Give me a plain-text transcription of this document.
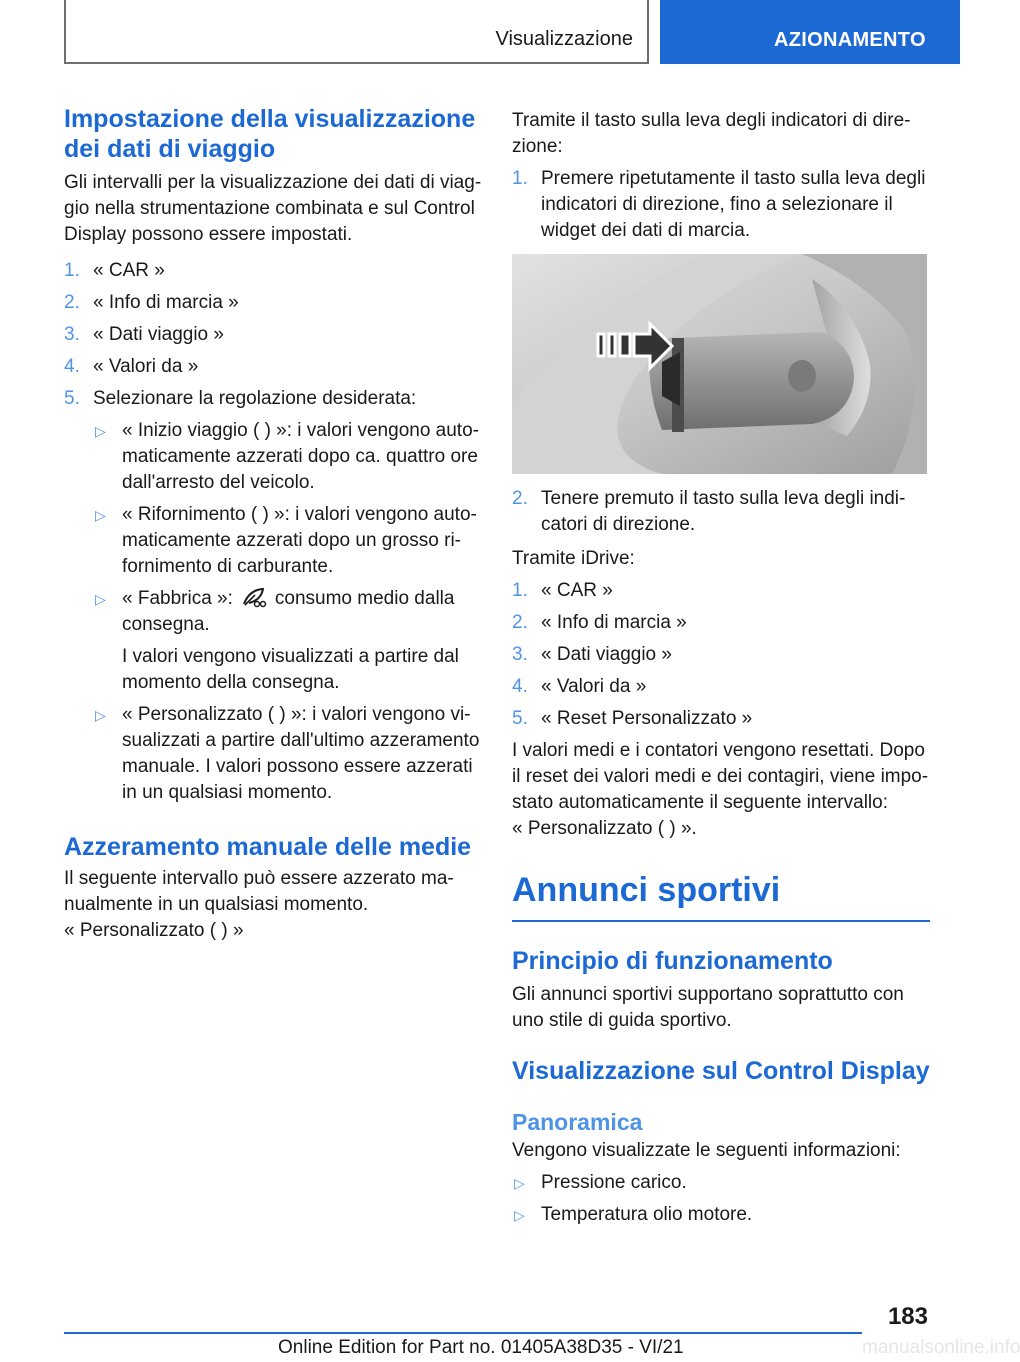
Visualizzazione	AZIONAMENTO
Impostazione della visualizzazione dei dati di viaggio

Gli intervalli per la visualizzazione dei dati di viaggio nella strumentazione combinata e sul Control Display possono essere impostati.

1. « CAR »
2. « Info di marcia »
3. « Dati viaggio »
4. « Valori da »
5. Selezionare la regolazione desiderata:
▷ « Inizio viaggio ( ) »: i valori vengono automaticamente azzerati dopo ca. quattro ore dall'arresto del veicolo.
▷ « Rifornimento ( ) »: i valori vengono automaticamente azzerati dopo un grosso rifornimento di carburante.
▷ « Fabbrica »: consumo medio dalla consegna.
I valori vengono visualizzati a partire dal momento della consegna.
▷ « Personalizzato ( ) »: i valori vengono visualizzati a partire dall'ultimo azzeramento manuale. I valori possono essere azzerati in un qualsiasi momento.
Azzeramento manuale delle medie

Il seguente intervallo può essere azzerato manualmente in un qualsiasi momento.

« Personalizzato ( ) »

Tramite il tasto sulla leva degli indicatori di direzione:

1. Premere ripetutamente il tasto sulla leva degli indicatori di direzione, fino a selezionare il widget dei dati di marcia.
2. Tenere premuto il tasto sulla leva degli indicatori di direzione.

Tramite iDrive:

1. « CAR »
2. « Info di marcia »
3. « Dati viaggio »
4. « Valori da »
5. « Reset Personalizzato »

I valori medi e i contatori vengono resettati. Dopo il reset dei valori medi e dei contagiri, viene impostato automaticamente il seguente intervallo:

« Personalizzato ( ) ».

Annunci sportivi
Principio di funzionamento

Gli annunci sportivi supportano soprattutto con uno stile di guida sportivo.

Visualizzazione sul Control Display
Panoramica

Vengono visualizzate le seguenti informazioni:

▷ Pressione carico.
▷ Temperatura olio motore.
183
Online Edition for Part no. 01405A38D35 - VI/21	manualsonline.info
